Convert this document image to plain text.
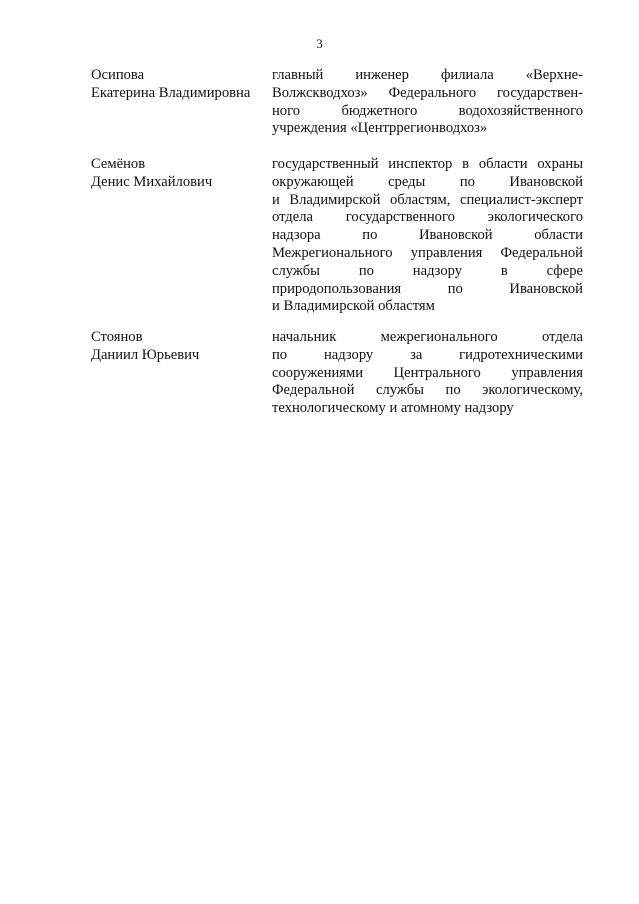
3
Осипова
Екатерина Владимировна
главный инженер филиала «Верхне-
Волжскводхоз» Федерального государствен-
ного бюджетного водохозяйственного
учреждения «Центррегионводхоз»
Семёнов
Денис Михайлович
государственный инспектор в области охраны
окружающей среды по Ивановской
и Владимирской областям, специалист-эксперт
отдела государственного экологического
надзора по Ивановской области
Межрегионального управления Федеральной
службы по надзору в сфере
природопользования по Ивановской
и Владимирской областям
Стоянов
Даниил Юрьевич
начальник межрегионального отдела
по надзору за гидротехническими
сооружениями Центрального управления
Федеральной службы по экологическому,
технологическому и атомному надзору
